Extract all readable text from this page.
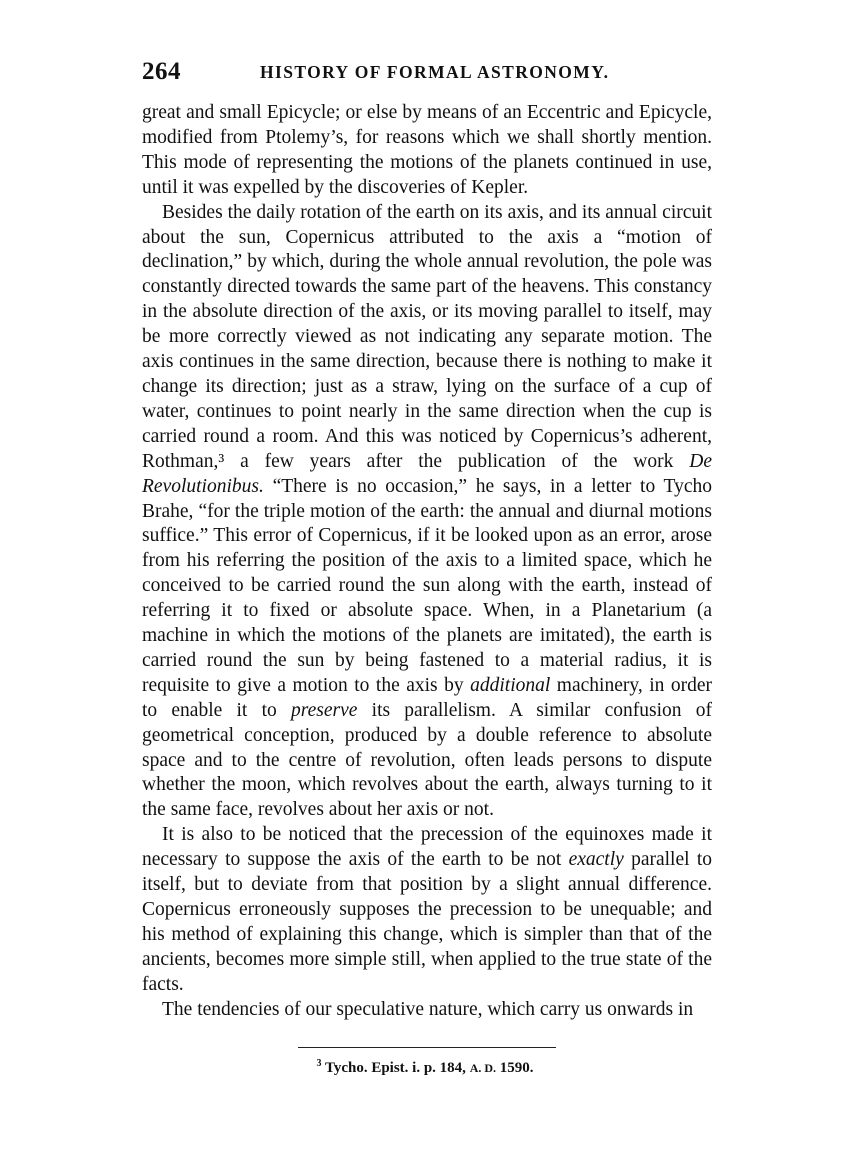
264	HISTORY OF FORMAL ASTRONOMY.

great and small Epicycle; or else by means of an Eccentric and Epicycle, modified from Ptolemy’s, for reasons which we shall shortly mention. This mode of representing the motions of the planets continued in use, until it was expelled by the discoveries of Kepler.

Besides the daily rotation of the earth on its axis, and its annual circuit about the sun, Copernicus attributed to the axis a “motion of declination,” by which, during the whole annual revolution, the pole was constantly directed towards the same part of the heavens. This constancy in the absolute direction of the axis, or its moving parallel to itself, may be more correctly viewed as not indicating any separate motion. The axis continues in the same direction, because there is nothing to make it change its direction; just as a straw, lying on the surface of a cup of water, continues to point nearly in the same direction when the cup is carried round a room. And this was noticed by Copernicus’s adherent, Rothman,³ a few years after the publication of the work De Revolutionibus. “There is no occasion,” he says, in a letter to Tycho Brahe, “for the triple motion of the earth: the annual and diurnal motions suffice.” This error of Copernicus, if it be looked upon as an error, arose from his referring the position of the axis to a limited space, which he conceived to be carried round the sun along with the earth, instead of referring it to fixed or absolute space. When, in a Planetarium (a machine in which the motions of the planets are imitated), the earth is carried round the sun by being fastened to a material radius, it is requisite to give a motion to the axis by additional machinery, in order to enable it to preserve its parallelism. A similar confusion of geometrical conception, produced by a double reference to absolute space and to the centre of revolution, often leads persons to dispute whether the moon, which revolves about the earth, always turning to it the same face, revolves about her axis or not.

It is also to be noticed that the precession of the equinoxes made it necessary to suppose the axis of the earth to be not exactly parallel to itself, but to deviate from that position by a slight annual difference. Copernicus erroneously supposes the precession to be unequable; and his method of explaining this change, which is simpler than that of the ancients, becomes more simple still, when applied to the true state of the facts.

The tendencies of our speculative nature, which carry us onwards in

$^3$ Tycho. Epist. i. p. 184, A. D. 1590.
